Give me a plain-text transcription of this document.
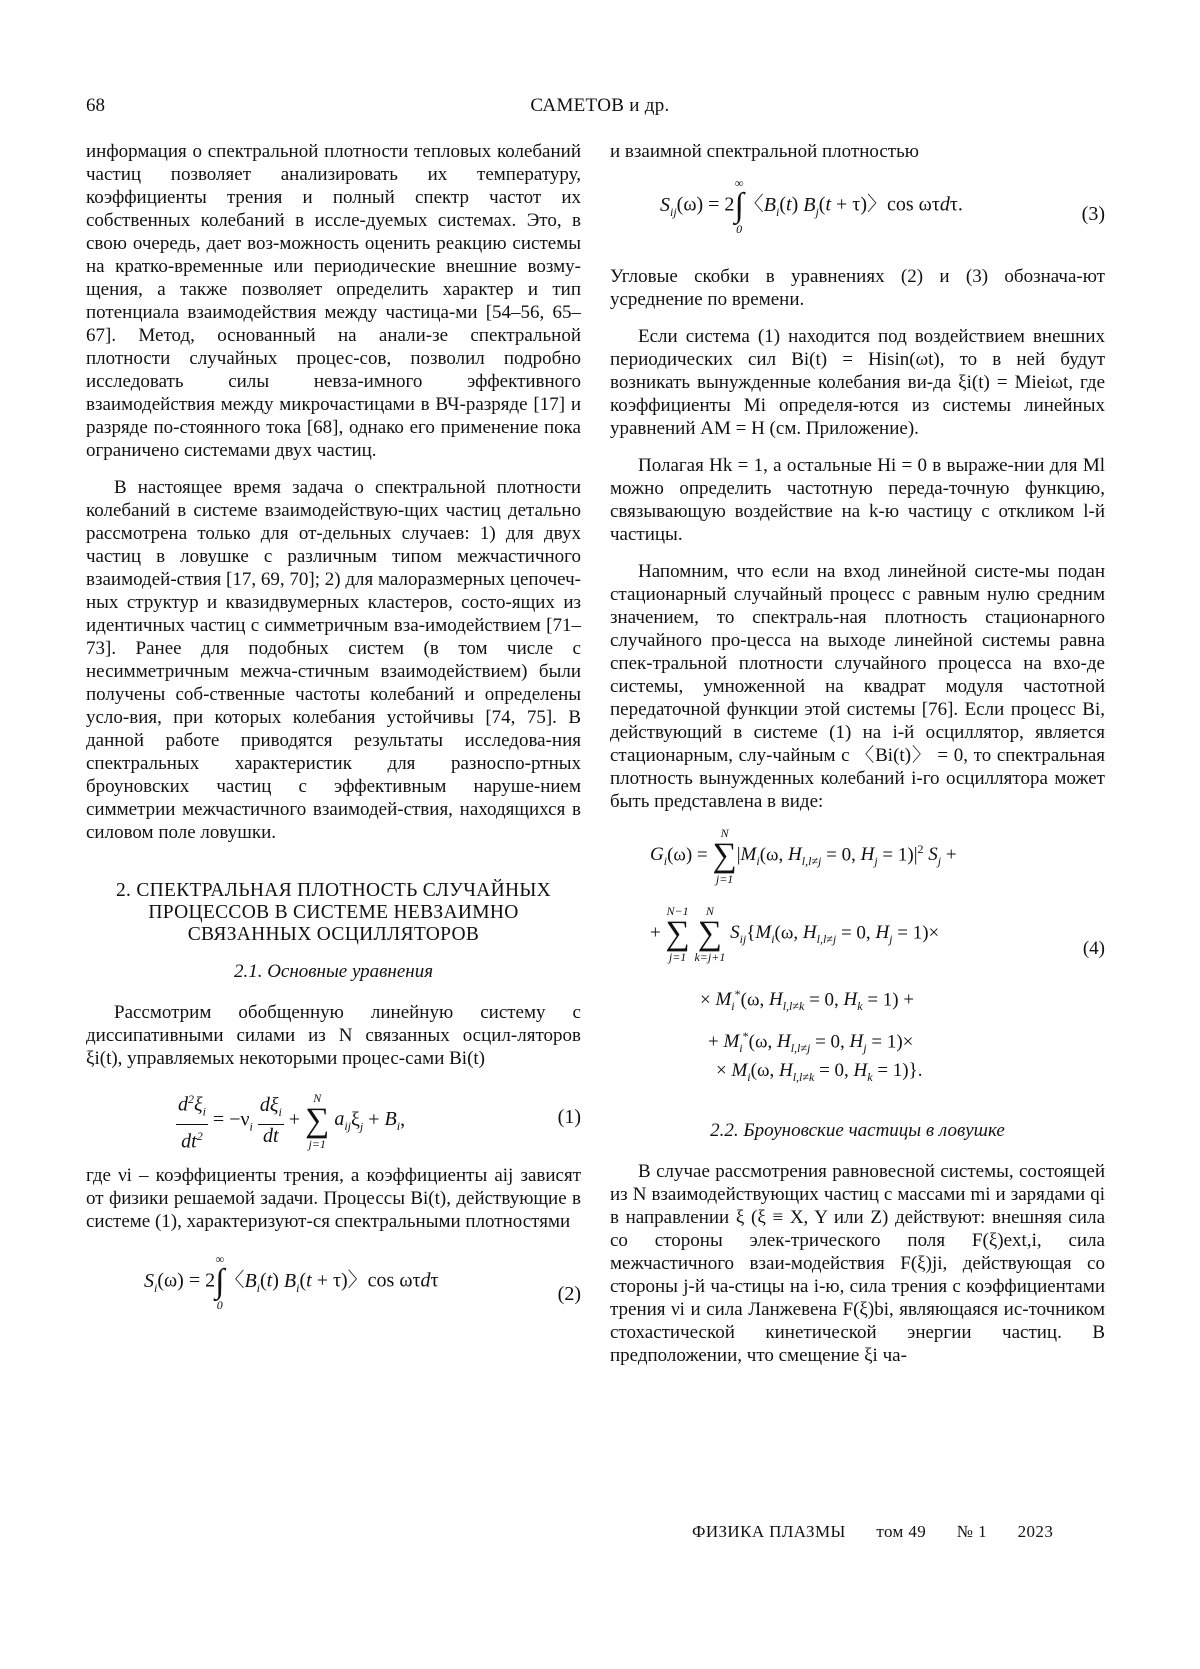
68	САМЕТОВ и др.

информация о спектральной плотности тепловых колебаний частиц позволяет анализировать их температуру, коэффициенты трения и полный спектр частот их собственных колебаний в иссле-дуемых системах. Это, в свою очередь, дает воз-можность оценить реакцию системы на кратко-временные или периодические внешние возму-щения, а также позволяет определить характер и тип потенциала взаимодействия между частица-ми [54–56, 65–67]. Метод, основанный на анали-зе спектральной плотности случайных процес-сов, позволил подробно исследовать силы невза-имного эффективного взаимодействия между микрочастицами в ВЧ-разряде [17] и разряде по-стоянного тока [68], однако его применение пока ограничено системами двух частиц.

В настоящее время задача о спектральной плотности колебаний в системе взаимодействую-щих частиц детально рассмотрена только для от-дельных случаев: 1) для двух частиц в ловушке с различным типом межчастичного взаимодей-ствия [17, 69, 70]; 2) для малоразмерных цепочеч-ных структур и квазидвумерных кластеров, состо-ящих из идентичных частиц с симметричным вза-имодействием [71–73]. Ранее для подобных систем (в том числе с несимметричным межча-стичным взаимодействием) были получены соб-ственные частоты колебаний и определены усло-вия, при которых колебания устойчивы [74, 75]. В данной работе приводятся результаты исследова-ния спектральных характеристик для разноспо-ртных броуновских частиц с эффективным наруше-нием симметрии межчастичного взаимодей-ствия, находящихся в силовом поле ловушки.

2. СПЕКТРАЛЬНАЯ ПЛОТНОСТЬ СЛУЧАЙНЫХ ПРОЦЕССОВ В СИСТЕМЕ НЕВЗАИМНО СВЯЗАННЫХ ОСЦИЛЛЯТОРОВ
2.1. Основные уравнения

Рассмотрим обобщенную линейную систему с диссипативными силами из N связанных осцил-ляторов ξi(t), управляемых некоторыми процес-сами Bi(t)

$\frac{d^2\xi_i}{dt^2} = -\nu_i \frac{d\xi_i}{dt}$ +
N
∑
j=1
$a_{ij}\xi_j + B_i$,	(1)

где νi – коэффициенты трения, а коэффициенты aij зависят от физики решаемой задачи. Процессы Bi(t), действующие в системе (1), характеризуют-ся спектральными плотностями

$S_i(\omega) = 2$
∞
∫
0
〈$B_i(t) B_i(t + \tau)$〉cos ωτdτ
(2)

и взаимной спектральной плотностью

$S_{ij}(\omega) = 2$
∞
∫
0
〈$B_i(t) B_j(t + \tau)$〉cos ωτdτ.	(3)

Угловые скобки в уравнениях (2) и (3) обознача-ют усреднение по времени.

Если система (1) находится под воздействием внешних периодических сил Bi(t) = Hisin(ωt), то в ней будут возникать вынужденные колебания ви-да ξi(t) = Mieiωt, где коэффициенты Mi определя-ются из системы линейных уравнений AM = H (см. Приложение).

Полагая Hk = 1, а остальные Hi = 0 в выраже-нии для Ml можно определить частотную переда-точную функцию, связывающую воздействие на k-ю частицу с откликом l-й частицы.

Напомним, что если на вход линейной систе-мы подан стационарный случайный процесс с равным нулю средним значением, то спектраль-ная плотность стационарного случайного про-цесса на выходе линейной системы равна спек-тральной плотности случайного процесса на вхо-де системы, умноженной на квадрат модуля частотной передаточной функции этой системы [76]. Если процесс Bi, действующий в системе (1) на i-й осциллятор, является стационарным, слу-чайным с 〈Bi(t)〉 = 0, то спектральная плотность вынужденных колебаний i-го осциллятора может быть представлена в виде:

$G_i(\omega)$ =
N
∑
j=1
$|M_i(\omega$, $H_{l,l\ne j} = 0$, $H_j = 1)|^2$ $S_j$ +
+
N−1
∑
j=1

N
∑
k=j+1
$S_{ij}\{M_i(\omega$, $H_{l,l\ne j} = 0$, $H_j = 1)\times$
× $M_i^*(\omega$, $H_{l,l\ne k} = 0$, $H_k = 1$) +
+ $M_i^*(\omega$, $H_{l,l\ne j} = 0$, $H_j = 1)\times$
× $M_i(\omega$, $H_{l,l\ne k} = 0$, $H_k = 1$)}.
(4)
2.2. Броуновские частицы в ловушке

В случае рассмотрения равновесной системы, состоящей из N взаимодействующих частиц с массами mi и зарядами qi в направлении ξ (ξ ≡ X, Y или Z) действуют: внешняя сила со стороны элек-трического поля F(ξ)ext,i, сила межчастичного взаи-модействия F(ξ)ji, действующая со стороны j-й ча-стицы на i-ю, сила трения с коэффициентами трения νi и сила Ланжевена F(ξ)bi, являющаяся ис-точником стохастической кинетической энергии частиц. В предположении, что смещение ξi ча-

ФИЗИКА ПЛАЗМЫ том 49 № 1 2023
